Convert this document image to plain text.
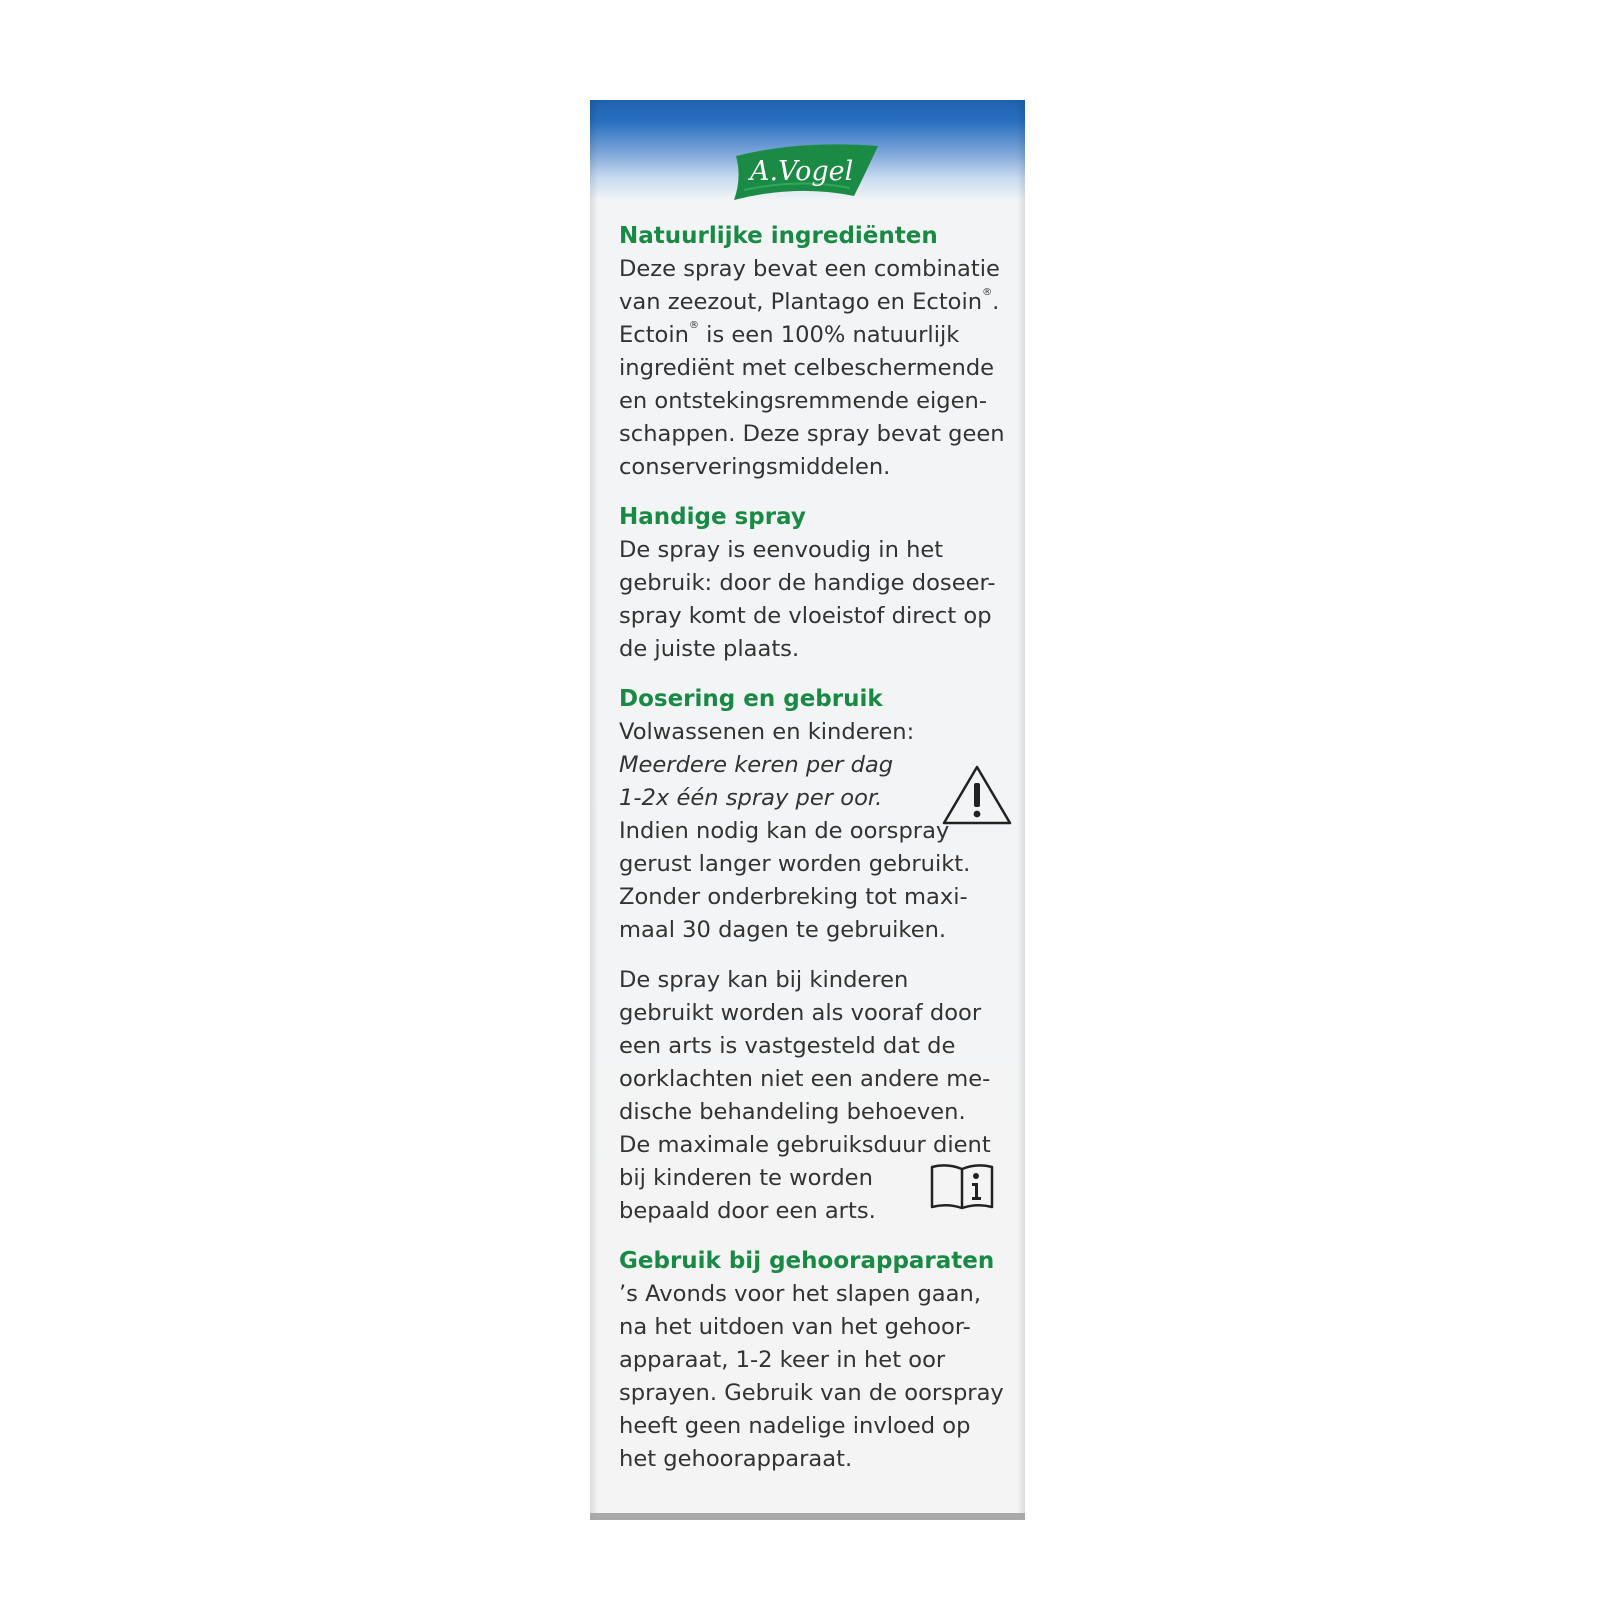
A.Vogel
Natuurlijke ingrediënten
Deze spray bevat een combinatie
van zeezout, Plantago en Ectoin®.
Ectoin® is een 100% natuurlijk
ingrediënt met celbeschermende
en ontstekingsremmende eigen-
schappen. Deze spray bevat geen
conserveringsmiddelen.
Handige spray
De spray is eenvoudig in het
gebruik: door de handige doseer-
spray komt de vloeistof direct op
de juiste plaats.
Dosering en gebruik
Volwassenen en kinderen:
Meerdere keren per dag
1-2x één spray per oor.
Indien nodig kan de oorspray
gerust langer worden gebruikt.
Zonder onderbreking tot maxi-
maal 30 dagen te gebruiken.
De spray kan bij kinderen
gebruikt worden als vooraf door
een arts is vastgesteld dat de
oorklachten niet een andere me-
dische behandeling behoeven.
De maximale gebruiksduur dient
bij kinderen te worden
bepaald door een arts.
Gebruik bij gehoorapparaten
’s Avonds voor het slapen gaan,
na het uitdoen van het gehoor-
apparaat, 1-2 keer in het oor
sprayen. Gebruik van de oorspray
heeft geen nadelige invloed op
het gehoorapparaat.
